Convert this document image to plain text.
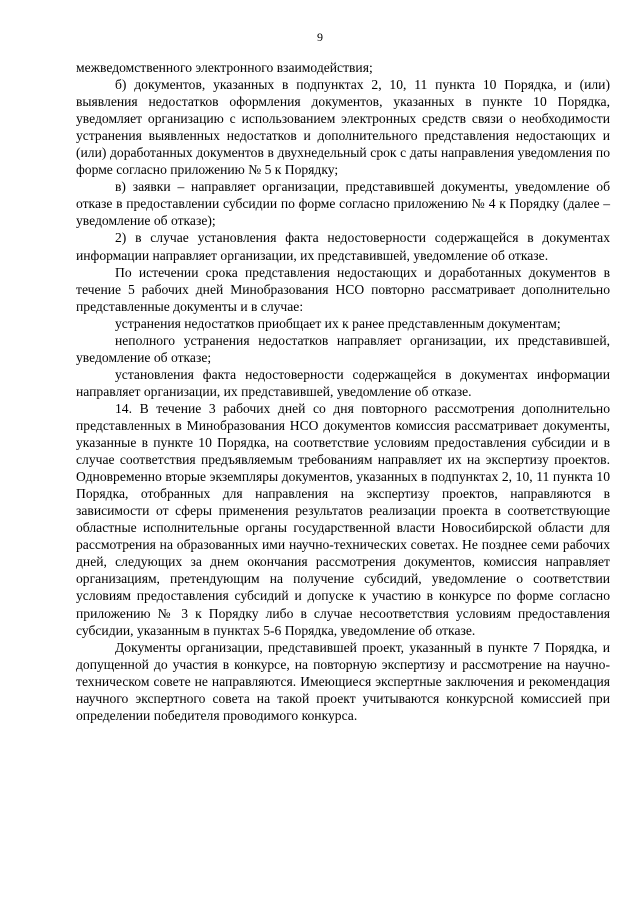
9

межведомственного электронного взаимодействия;

б) документов, указанных в подпунктах 2, 10, 11 пункта 10 Порядка, и (или) выявления недостатков оформления документов, указанных в пункте 10 Порядка, уведомляет организацию с использованием электронных средств связи о необходимости устранения выявленных недостатков и дополнительного представления недостающих и (или) доработанных документов в двухнедельный срок с даты направления уведомления по форме согласно приложению № 5 к Порядку;

в) заявки – направляет организации, представившей документы, уведомление об отказе в предоставлении субсидии по форме согласно приложению № 4 к Порядку (далее – уведомление об отказе);

2) в случае установления факта недостоверности содержащейся в документах информации направляет организации, их представившей, уведомление об отказе.

По истечении срока представления недостающих и доработанных документов в течение 5 рабочих дней Минобразования НСО повторно рассматривает дополнительно представленные документы и в случае:

устранения недостатков приобщает их к ранее представленным документам;

неполного устранения недостатков направляет организации, их представившей, уведомление об отказе;

установления факта недостоверности содержащейся в документах информации направляет организации, их представившей, уведомление об отказе.

14. В течение 3 рабочих дней со дня повторного рассмотрения дополнительно представленных в Минобразования НСО документов комиссия рассматривает документы, указанные в пункте 10 Порядка, на соответствие условиям предоставления субсидии и в случае соответствия предъявляемым требованиям направляет их на экспертизу проектов. Одновременно вторые экземпляры документов, указанных в подпунктах 2, 10, 11 пункта 10 Порядка, отобранных для направления на экспертизу проектов, направляются в зависимости от сферы применения результатов реализации проекта в соответствующие областные исполнительные органы государственной власти Новосибирской области для рассмотрения на образованных ими научно-технических советах. Не позднее семи рабочих дней, следующих за днем окончания рассмотрения документов, комиссия направляет организациям, претендующим на получение субсидий, уведомление о соответствии условиям предоставления субсидий и допуске к участию в конкурсе по форме согласно приложению № 3 к Порядку либо в случае несоответствия условиям предоставления субсидии, указанным в пунктах 5-6 Порядка, уведомление об отказе.

Документы организации, представившей проект, указанный в пункте 7 Порядка, и допущенной до участия в конкурсе, на повторную экспертизу и рассмотрение на научно-техническом совете не направляются. Имеющиеся экспертные заключения и рекомендация научного экспертного совета на такой проект учитываются конкурсной комиссией при определении победителя проводимого конкурса.
